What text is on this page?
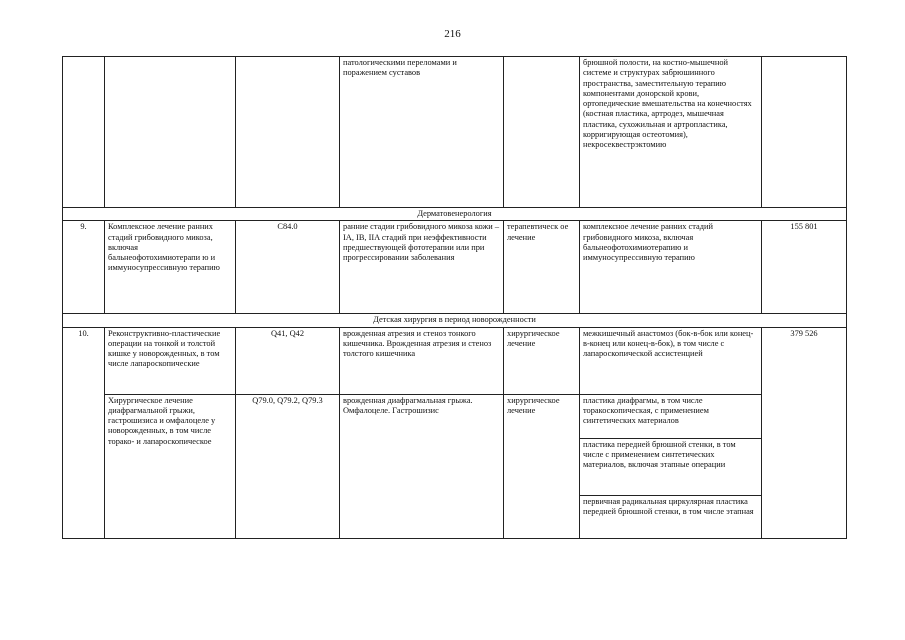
216
			патологическими переломами и поражением суставов		брюшной полости, на костно-мышечной системе и структурах забрюшинного пространства, заместительную терапию компонентами донорской крови, ортопедические вмешательства на конечностях (костная пластика, артродез, мышечная пластика, сухожильная и артропластика, корригирующая остеотомия), некросеквестрэктомию	
Дерматовенерология						
9.	Комплексное лечение ранних стадий грибовидного микоза, включая бальнеофотохимиотерапи ю и иммуносупрессивную терапию	C84.0	ранние стадии грибовидного микоза кожи – IA, IB, IIA стадий при неэффективности предшествующей фототерапии или при прогрессировании заболевания	терапевтическ ое лечение	комплексное лечение ранних стадий грибовидного микоза, включая бальнеофотохимиотерапию и иммуносупрессивную терапию	155 801
Детская хирургия в период новорожденности						
10.	Реконструктивно-пластические операции на тонкой и толстой кишке у новорожденных, в том числе лапароскопические	Q41, Q42	врожденная атрезия и стеноз тонкого кишечника. Врожденная атрезия и стеноз толстого кишечника	хирургическое лечение	межкишечный анастомоз (бок-в-бок или конец-в-конец или конец-в-бок), в том числе с лапароскопической ассистенцией	379 526
	Хирургическое лечение диафрагмальной грыжи, гастрошизиса и омфалоцеле у новорожденных, в том числе торако- и лапароскопическое	Q79.0, Q79.2, Q79.3	врожденная диафрагмальная грыжа. Омфалоцеле. Гастрошизис	хирургическое лечение	пластика диафрагмы, в том числе торакоскопическая, с применением синтетических материалов	
					пластика передней брюшной стенки, в том числе с применением синтетических материалов, включая этапные операции	
					первичная радикальная циркулярная пластика передней брюшной стенки, в том числе этапная	
